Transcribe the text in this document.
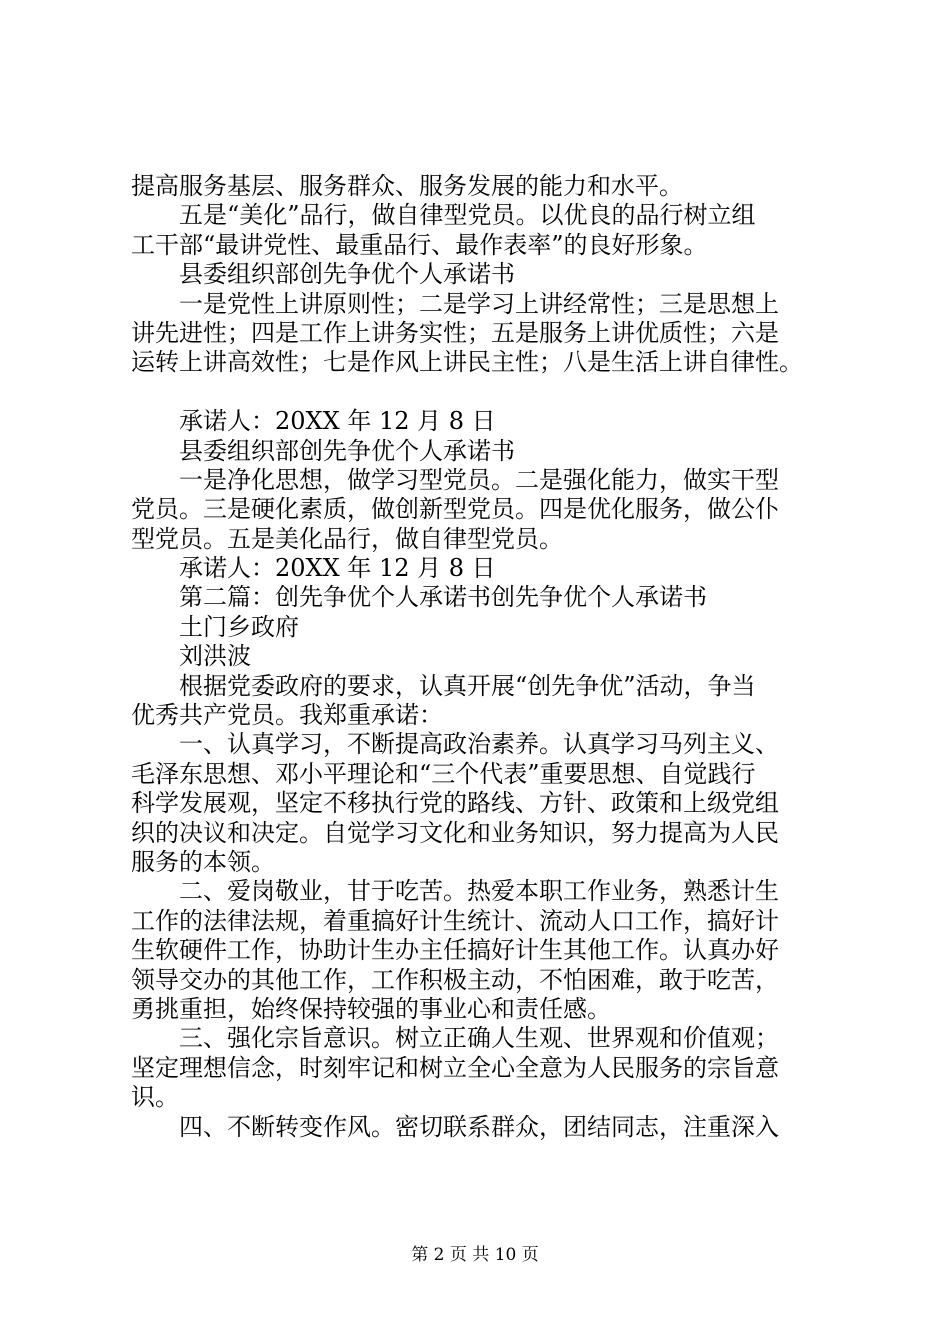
提高服务基层、服务群众、服务发展的能力和水平。
五是“美化”品行，做自律型党员。以优良的品行树立组
工干部“最讲党性、最重品行、最作表率”的良好形象。
县委组织部创先争优个人承诺书
一是党性上讲原则性；二是学习上讲经常性；三是思想上
讲先进性；四是工作上讲务实性；五是服务上讲优质性；六是
运转上讲高效性；七是作风上讲民主性；八是生活上讲自律性。
承诺人：20XX 年 12 月 8 日
县委组织部创先争优个人承诺书
一是净化思想，做学习型党员。二是强化能力，做实干型
党员。三是硬化素质，做创新型党员。四是优化服务，做公仆
型党员。五是美化品行，做自律型党员。
承诺人：20XX 年 12 月 8 日
第二篇：创先争优个人承诺书创先争优个人承诺书
土门乡政府
刘洪波
根据党委政府的要求，认真开展“创先争优”活动，争当
优秀共产党员。我郑重承诺：
一、认真学习，不断提高政治素养。认真学习马列主义、
毛泽东思想、邓小平理论和“三个代表”重要思想、自觉践行
科学发展观，坚定不移执行党的路线、方针、政策和上级党组
织的决议和决定。自觉学习文化和业务知识，努力提高为人民
服务的本领。
二、爱岗敬业，甘于吃苦。热爱本职工作业务，熟悉计生
工作的法律法规，着重搞好计生统计、流动人口工作，搞好计
生软硬件工作，协助计生办主任搞好计生其他工作。认真办好
领导交办的其他工作，工作积极主动，不怕困难，敢于吃苦，
勇挑重担，始终保持较强的事业心和责任感。
三、强化宗旨意识。树立正确人生观、世界观和价值观；
坚定理想信念，时刻牢记和树立全心全意为人民服务的宗旨意
识。
四、不断转变作风。密切联系群众，团结同志，注重深入
第 2 页 共 10 页
